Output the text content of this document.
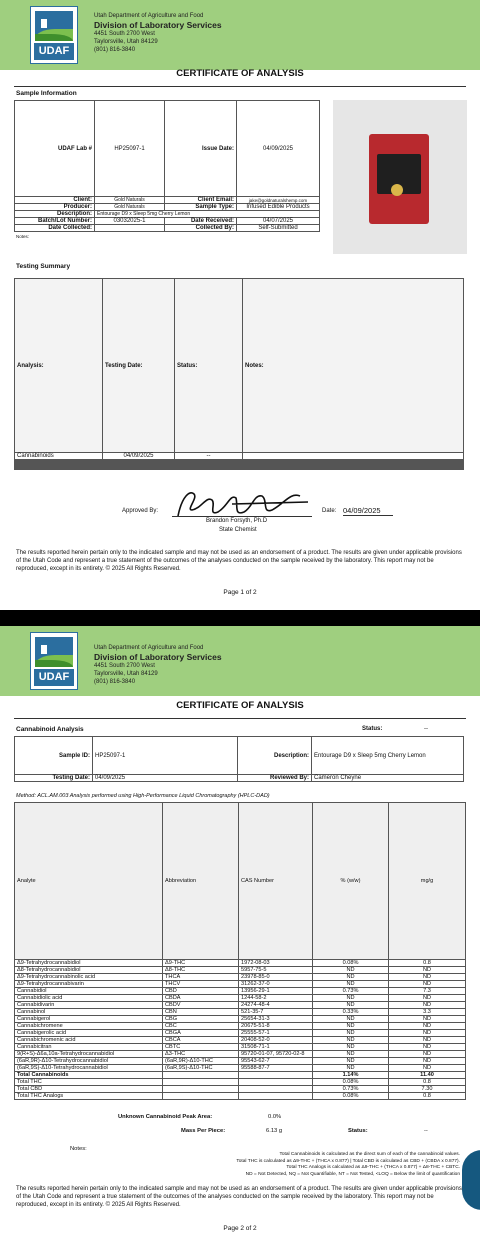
UDAF
Utah Department of Agriculture and Food
Division of Laboratory Services
4451 South 2700 West
Taylorsville, Utah 84129
(801) 816-3840
CERTIFICATE OF ANALYSIS
Sample Information
UDAF Lab #	HP25097-1	Issue Date:	04/09/2025
Client:	Gold Naturals	Client Email:	jake@goldnaturalshemp.com
Producer:	Gold Naturals	Sample Type:	Infused Edible Products
Description:	Entourage D9 x Sleep 5mg Cherry Lemon		
Batch/Lot Number:	03032025-1	Date Received:	04/07/2025
Date Collected:		Collected By:	Self-Submitted
Notes:
Testing Summary
Analysis:	Testing Date:	Status:	Notes:
Cannabinoids	04/09/2025	--	

Approved By:
Brandon Forsyth, Ph.D
State Chemist
Date: 04/09/2025
The results reported herein pertain only to the indicated sample and may not be used as an endorsement of a product. The results are given under applicable provisions of the Utah Code and represent a true statement of the outcomes of the analyses conducted on the sample received by the laboratory. This report may not be reproduced, except in its entirety. © 2025 All Rights Reserved.
Page 1 of 2
UDAF
Utah Department of Agriculture and Food
Division of Laboratory Services
4451 South 2700 West
Taylorsville, Utah 84129
(801) 816-3840
CERTIFICATE OF ANALYSIS
Cannabinoid Analysis	Status:	--
Sample ID:	HP25097-1	Description:	Entourage D9 x Sleep 5mg Cherry Lemon
Testing Date:	04/09/2025	Reviewed By:	Cameron Cheyne
Method: ACL.AM.003 Analysis performed using High-Performance Liquid Chromatography (HPLC-DAD)
Analyte	Abbreviation	CAS Number	% (w/w)	mg/g
Δ9-Tetrahydrocannabidiol	Δ9-THC	1972-08-03	0.08%	0.8
Δ8-Tetrahydrocannabidiol	Δ8-THC	5957-75-5	ND	ND
Δ9-Tetrahydrocannabinolic acid	THCA	23978-85-0	ND	ND
Δ9-Tetrahydrocannabivarin	THCV	31262-37-0	ND	ND
Cannabidiol	CBD	13956-29-1	0.73%	7.3
Cannabidiolic acid	CBDA	1244-58-2	ND	ND
Cannabidivarin	CBDV	24274-48-4	ND	ND
Cannabinol	CBN	521-35-7	0.33%	3.3
Cannabigerol	CBG	25654-31-3	ND	ND
Cannabichromene	CBC	20675-51-8	ND	ND
Cannabigerolic acid	CBGA	25555-57-1	ND	ND
Cannabichromenic acid	CBCA	20408-52-0	ND	ND
Cannabicitran	CBTC	31508-71-1	ND	ND
9(R+S)-Δ6a,10a-Tetrahydrocannabidiol	Δ3-THC	95720-01-07, 95720-02-8	ND	ND
(6aR,9R)-Δ10-Tetrahydrocannabidiol	(6aR,9R)-Δ10-THC	95543-62-7	ND	ND
(6aR,9S)-Δ10-Tetrahydrocannabidiol	(6aR,9S)-Δ10-THC	95588-87-7	ND	ND
Total Cannabinoids			1.14%	11.40
Total THC			0.08%	0.8
Total CBD			0.73%	7.30
Total THC Analogs			0.08%	0.8
Unknown Cannabinoid Peak Area:	0.0%
Mass Per Piece:	6.13 g	Status:	--
Notes:
Total Cannabinoids is calculated as the direct sum of each of the cannabinoid values.
Total THC is calculated as Δ9-THC + (THCA x 0.877) | Total CBD is calculated as CBD + (CBDA x 0.877).
Total THC Analogs is calculated as Δ9-THC + (THCA x 0.877) + Δ8-THC + CBTC.
ND = Not Detected, NQ = Not Quantifiable, NT = Not Tested, <LOQ = Below the limit of quantification
The results reported herein pertain only to the indicated sample and may not be used as an endorsement of a product. The results are given under applicable provisions of the Utah Code and represent a true statement of the outcomes of the analyses conducted on the sample received by the laboratory. This report may not be reproduced, except in its entirety. © 2025 All Rights Reserved.
Page 2 of 2
